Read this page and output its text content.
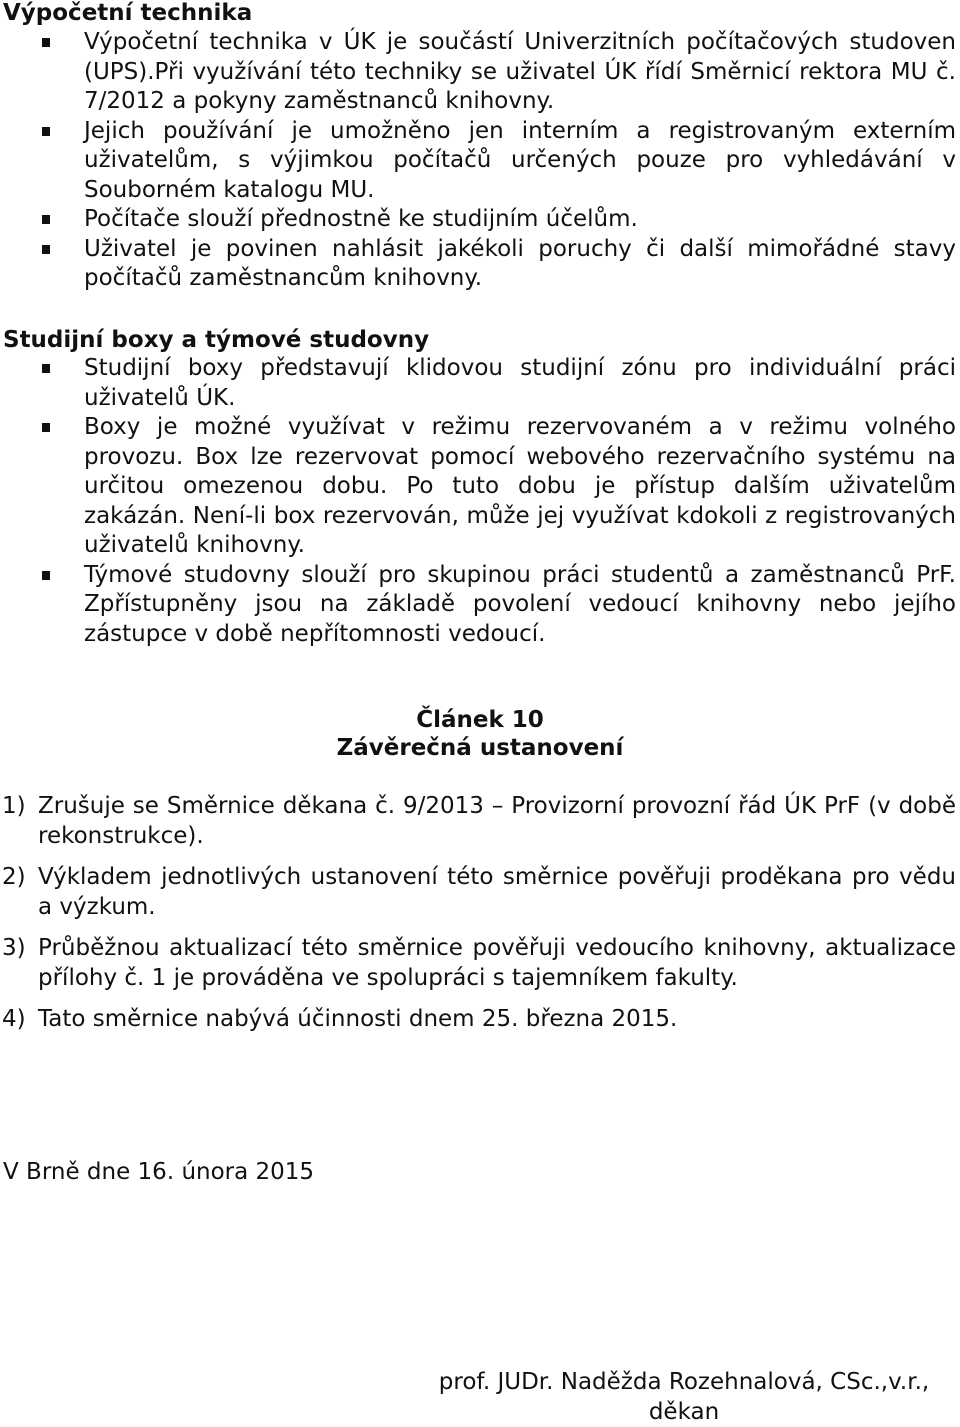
Výpočetní technika
Výpočetní technika v ÚK je součástí Univerzitních počítačových studoven (UPS).Při využívání této techniky se uživatel ÚK řídí Směrnicí rektora MU č. 7/2012 a pokyny zaměstnanců knihovny.
Jejich používání je umožněno jen interním a registrovaným externím uživatelům, s výjimkou počítačů určených pouze pro vyhledávání v Souborném katalogu MU.
Počítače slouží přednostně ke studijním účelům.
Uživatel je povinen nahlásit jakékoli poruchy či další mimořádné stavy počítačů zaměstnancům knihovny.
Studijní boxy a týmové studovny
Studijní boxy představují klidovou studijní zónu pro individuální práci uživatelů ÚK.
Boxy je možné využívat v režimu rezervovaném a v režimu volného provozu. Box lze rezervovat pomocí webového rezervačního systému na určitou omezenou dobu. Po tuto dobu je přístup dalším uživatelům zakázán. Není-li box rezervován, může jej využívat kdokoli z registrovaných uživatelů knihovny.
Týmové studovny slouží pro skupinou práci studentů a zaměstnanců PrF. Zpřístupněny jsou na základě povolení vedoucí knihovny nebo jejího zástupce v době nepřítomnosti vedoucí.
Článek 10
Závěrečná ustanovení
1) Zrušuje se Směrnice děkana č. 9/2013 – Provizorní provozní řád ÚK PrF (v době rekonstrukce).
2) Výkladem jednotlivých ustanovení této směrnice pověřuji proděkana pro vědu a výzkum.
3) Průběžnou aktualizací této směrnice pověřuji vedoucího knihovny, aktualizace přílohy č. 1 je prováděna ve spolupráci s tajemníkem fakulty.
4) Tato směrnice nabývá účinnosti dnem 25. března 2015.
V Brně dne 16. února 2015
prof. JUDr. Naděžda Rozehnalová, CSc.,v.r.,
děkan
